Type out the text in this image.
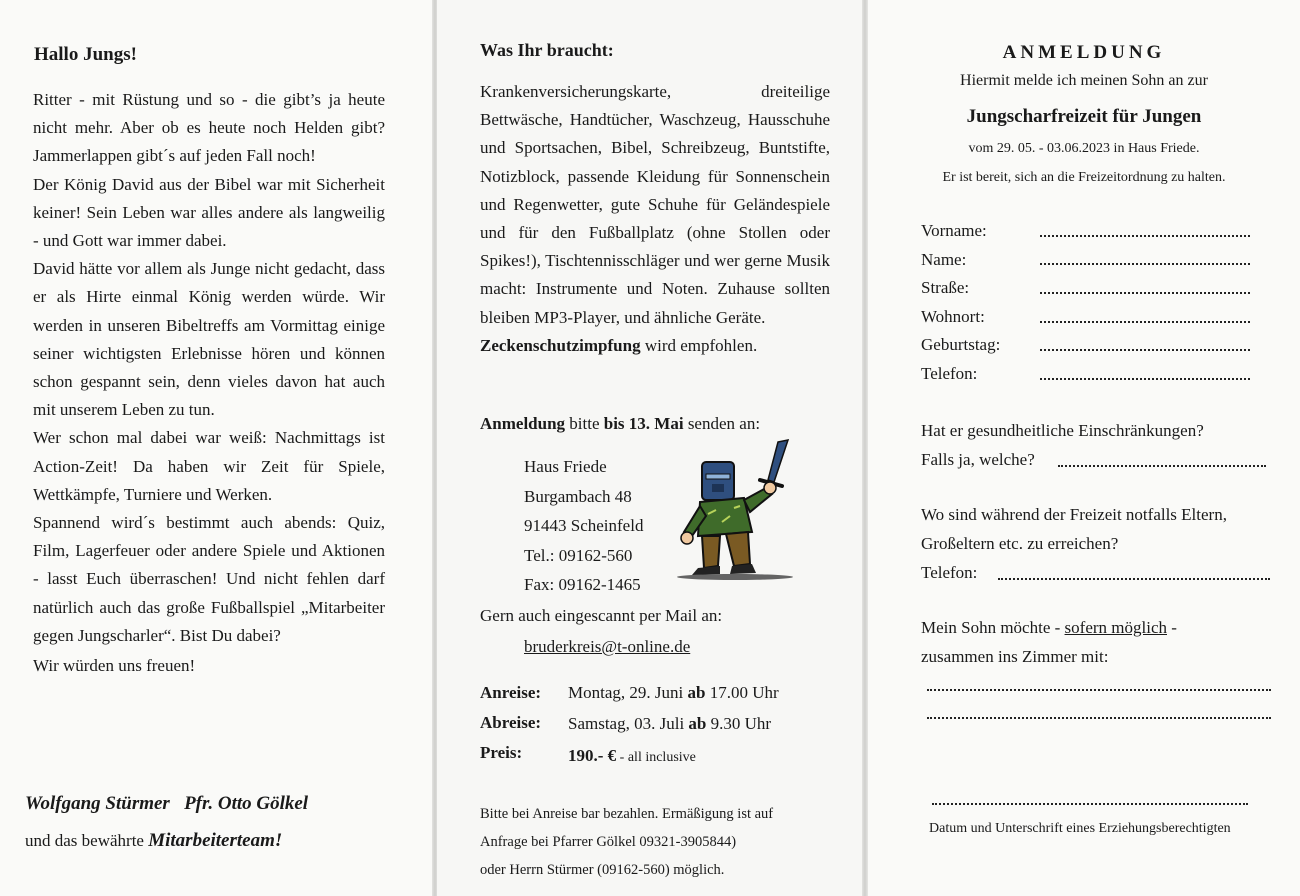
Hallo Jungs!

Ritter - mit Rüstung und so - die gibt’s ja heute nicht mehr. Aber ob es heute noch Helden gibt? Jammerlappen gibt´s auf jeden Fall noch!

Der König David aus der Bibel war mit Sicherheit keiner! Sein Leben war alles andere als langweilig - und Gott war immer dabei.

David hätte vor allem als Junge nicht gedacht, dass er als Hirte einmal König werden würde. Wir werden in unseren Bibeltreffs am Vormittag einige seiner wichtigsten Erlebnisse hören und können schon gespannt sein, denn vieles davon hat auch mit unserem Leben zu tun.

Wer schon mal dabei war weiß: Nachmittags ist Action-Zeit! Da haben wir Zeit für Spiele, Wettkämpfe, Turniere und Werken.

Spannend wird´s bestimmt auch abends: Quiz, Film, Lagerfeuer oder andere Spiele und Aktionen - lasst Euch überraschen! Und nicht fehlen darf natürlich auch das große Fußballspiel „Mitarbeiter gegen Jungscharler“. Bist Du dabei?

Wir würden uns freuen!

Wolfgang Stürmer   Pfr. Otto Gölkel
und das bewährte Mitarbeiterteam!
Was Ihr braucht:

Krankenversicherungskarte, dreiteilige Bettwäsche, Handtücher, Waschzeug, Hausschuhe und Sportsachen, Bibel, Schreibzeug, Buntstifte, Notizblock, passende Kleidung für Sonnenschein und Regenwetter, gute Schuhe für Geländespiele und für den Fußballplatz (ohne Stollen oder Spikes!), Tischtennisschläger und wer gerne Musik macht: Instrumente und Noten. Zuhause sollten bleiben MP3-Player, und ähnliche Geräte.

Zeckenschutzimpfung wird empfohlen.

Anmeldung bitte bis 13. Mai senden an:
Haus Friede
Burgambach 48
91443 Scheinfeld
Tel.: 09162-560
Fax: 09162-1465
Gern auch eingescannt per Mail an:
bruderkreis@t-online.de
Anreise: Montag, 29. Juni ab 17.00 Uhr
Abreise: Samstag, 03. Juli ab 9.30 Uhr
Preis:	190.- € - all inclusive
Bitte bei Anreise bar bezahlen. Ermäßigung ist auf
Anfrage bei Pfarrer Gölkel 09321-3905844)
oder Herrn Stürmer (09162-560) möglich.
ANMELDUNG
Hiermit melde ich meinen Sohn an zur
Jungscharfreizeit für Jungen
vom 29. 05. - 03.06.2023 in Haus Friede.
Er ist bereit, sich an die Freizeitordnung zu halten.
Vorname:
Name:
Straße:
Wohnort:
Geburtstag:
Telefon:
Hat er gesundheitliche Einschränkungen?
Falls ja, welche?
Wo sind während der Freizeit notfalls Eltern,
Großeltern etc. zu erreichen?
Telefon:
Mein Sohn möchte - sofern möglich -
zusammen ins Zimmer mit:
Datum und Unterschrift eines Erziehungsberechtigten
